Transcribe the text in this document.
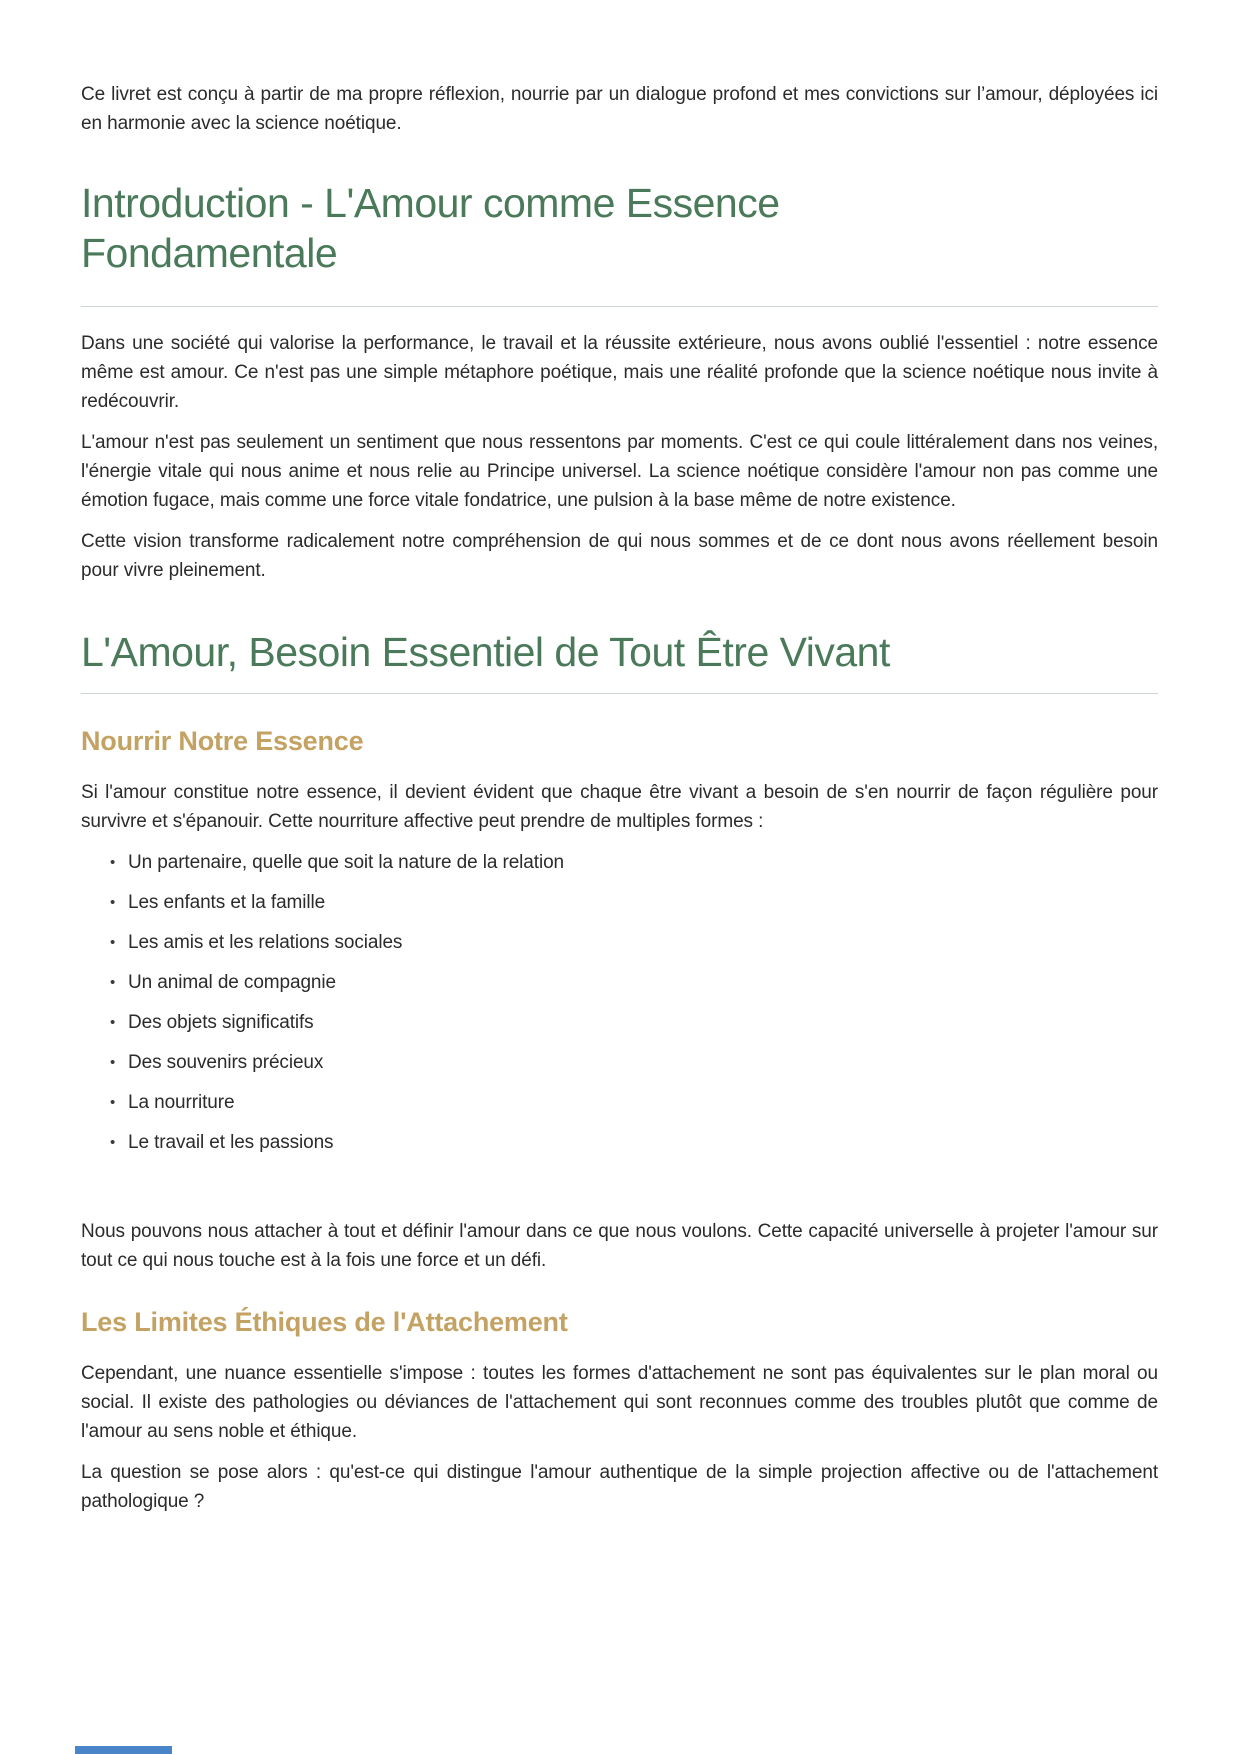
Ce livret est conçu à partir de ma propre réflexion, nourrie par un dialogue profond et mes convictions sur l’amour, déployées ici en harmonie avec la science noétique.

Introduction - L'Amour comme Essence Fondamentale

Dans une société qui valorise la performance, le travail et la réussite extérieure, nous avons oublié l'essentiel : notre essence même est amour. Ce n'est pas une simple métaphore poétique, mais une réalité profonde que la science noétique nous invite à redécouvrir.

L'amour n'est pas seulement un sentiment que nous ressentons par moments. C'est ce qui coule littéralement dans nos veines, l'énergie vitale qui nous anime et nous relie au Principe universel. La science noétique considère l'amour non pas comme une émotion fugace, mais comme une force vitale fondatrice, une pulsion à la base même de notre existence.

Cette vision transforme radicalement notre compréhension de qui nous sommes et de ce dont nous avons réellement besoin pour vivre pleinement.

L'Amour, Besoin Essentiel de Tout Être Vivant
Nourrir Notre Essence

Si l'amour constitue notre essence, il devient évident que chaque être vivant a besoin de s'en nourrir de façon régulière pour survivre et s'épanouir. Cette nourriture affective peut prendre de multiples formes :

• Un partenaire, quelle que soit la nature de la relation
• Les enfants et la famille
• Les amis et les relations sociales
• Un animal de compagnie
• Des objets significatifs
• Des souvenirs précieux
• La nourriture
• Le travail et les passions

Nous pouvons nous attacher à tout et définir l'amour dans ce que nous voulons. Cette capacité universelle à projeter l'amour sur tout ce qui nous touche est à la fois une force et un défi.

Les Limites Éthiques de l'Attachement

Cependant, une nuance essentielle s'impose : toutes les formes d'attachement ne sont pas équivalentes sur le plan moral ou social. Il existe des pathologies ou déviances de l'attachement qui sont reconnues comme des troubles plutôt que comme de l'amour au sens noble et éthique.

La question se pose alors : qu'est-ce qui distingue l'amour authentique de la simple projection affective ou de l'attachement pathologique ?
